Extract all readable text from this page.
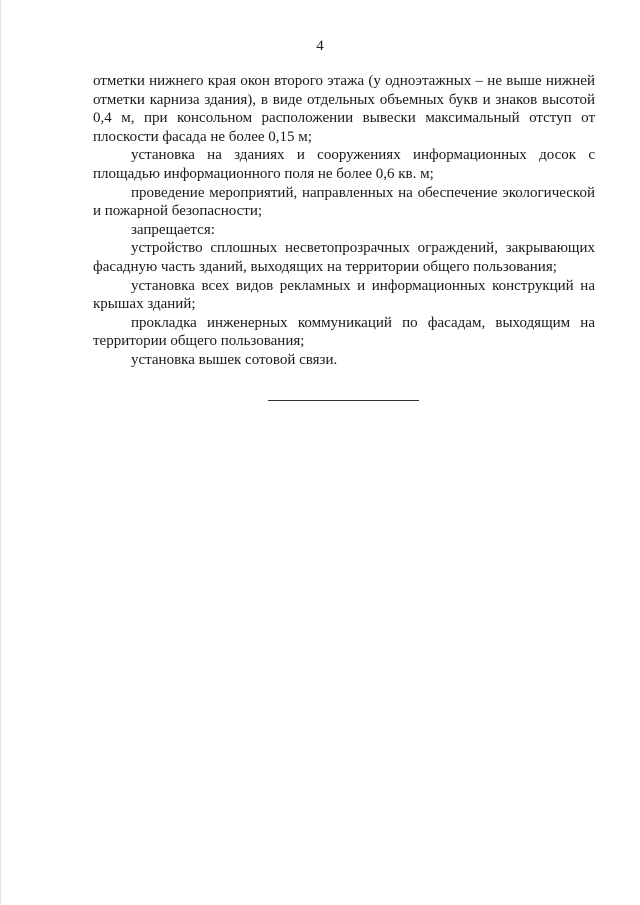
4

отметки нижнего края окон второго этажа (у одноэтажных – не выше нижней отметки карниза здания), в виде отдельных объемных букв и знаков высотой 0,4 м, при консольном расположении вывески максимальный отступ от плоскости фасада не более 0,15 м;

установка на зданиях и сооружениях информационных досок с площадью информационного поля не более 0,6 кв. м;

проведение мероприятий, направленных на обеспечение экологической и пожарной безопасности;

запрещается:

устройство сплошных несветопрозрачных ограждений, закрывающих фасадную часть зданий, выходящих на территории общего пользования;

установка всех видов рекламных и информационных конструкций на крышах зданий;

прокладка инженерных коммуникаций по фасадам, выходящим на территории общего пользования;

установка вышек сотовой связи.
